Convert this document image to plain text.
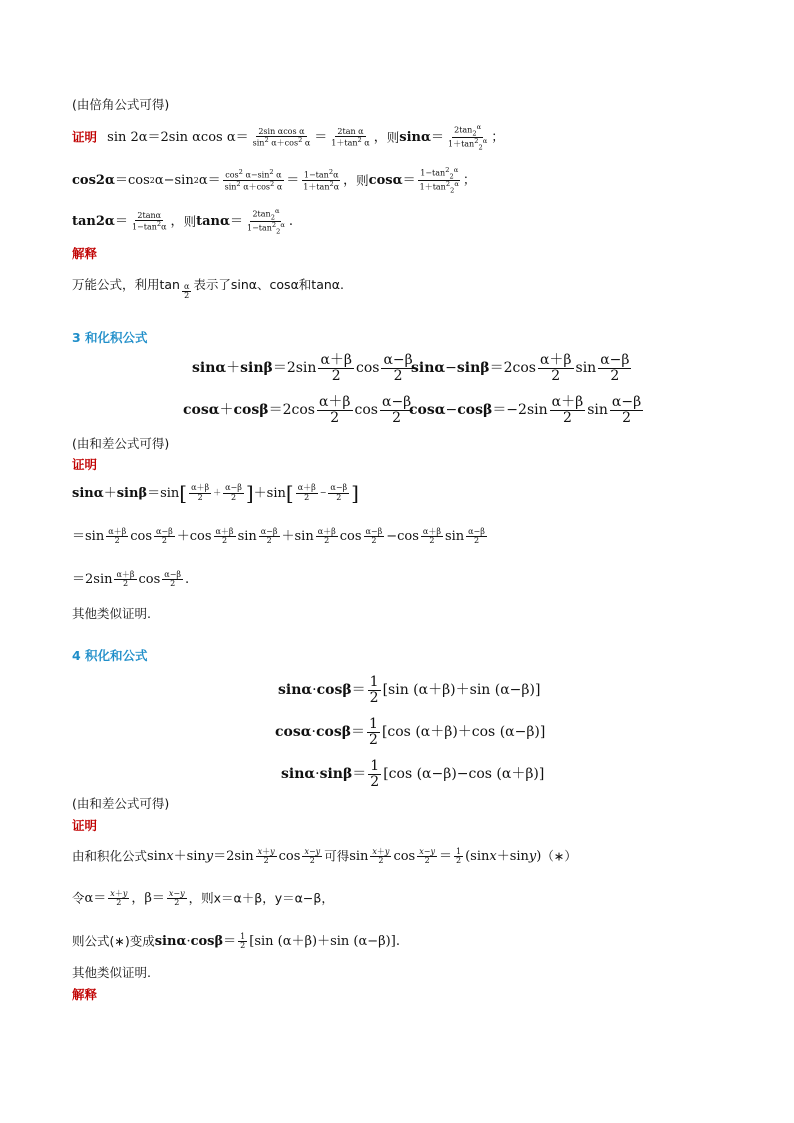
(由倍角公式可得)
证明 sin 2α＝2sin αcos α＝ 2sin αcos α
$\sin^2 \alpha+\cos^2$ α ＝ 2tan α
$1+\tan^2$ α ， 则 sinα ＝
$2\tan_2^\alpha$
$1+\tan^2_2^\alpha$ ；
cos2α ＝cos 2 α−sin 2 $\alpha= \cos^2 \alpha-\sin^2$ α
$\sin^2 \alpha+\cos^2$ $\alpha = 1-\tan^2\alpha$
$1+\tan^2\alpha$ ， 则 cosα ＝
$1-\tan^2_2^\alpha$
$1+\tan^2_2^\alpha$ ；
tan2α ＝ 2tanα
$1-\tan^2\alpha$ ， 则 tanα ＝
$2\tan_2^\alpha$
$1-\tan^2_2^\alpha$ .
解释
万能公式，利用tan α
2
表示了sinα、cosα和tanα.
3 和化积公式
sinα ＋ sinβ ＝2sin
α＋β
2 cos
α−β
2 sinα − sinβ ＝2cos
α＋β
2 sin
α−β
2
cosα ＋ cosβ ＝2cos
α＋β
2 cos
α−β
2 cosα − cosβ ＝−2sin
α＋β
2 sin
α−β
2
(由和差公式可得)
证明
sinα ＋ sinβ ＝sin [ α＋β
2 ＋
α−β
2 ] ＋sin [ α＋β
2 −
α−β
2 ]
＝sin α＋β
2 cos α−β
2 ＋cos α＋β
2 sin α−β
2 ＋sin α＋β
2 cos α−β
2 −cos α＋β
2 sin α−β
2
＝2sin α＋β
2 cos α−β
2 .
其他类似证明.
4 积化和公式
sinα · cosβ ＝
1
2 [sin (α＋β)＋sin (α−β)]
cosα · cosβ ＝
1
2 [cos (α＋β)＋cos (α−β)]
sinα · sinβ ＝
1
2 [cos (α−β)−cos (α＋β)]
(由和差公式可得)
证明
由和积化公式sin x ＋sin y ＝2sin x＋y
2 cos x−y
2 可得sin x＋y
2 cos x−y
2 ＝ 1
2 (sin x ＋sin y )（∗）
令α＝ x＋y
2 ，β＝ x−y
2 ，则x＝α＋β，y＝α−β，
则公式(∗)变成 sinα · cosβ ＝ 1
2 [sin (α＋β)＋sin (α−β)].
其他类似证明.
解释
